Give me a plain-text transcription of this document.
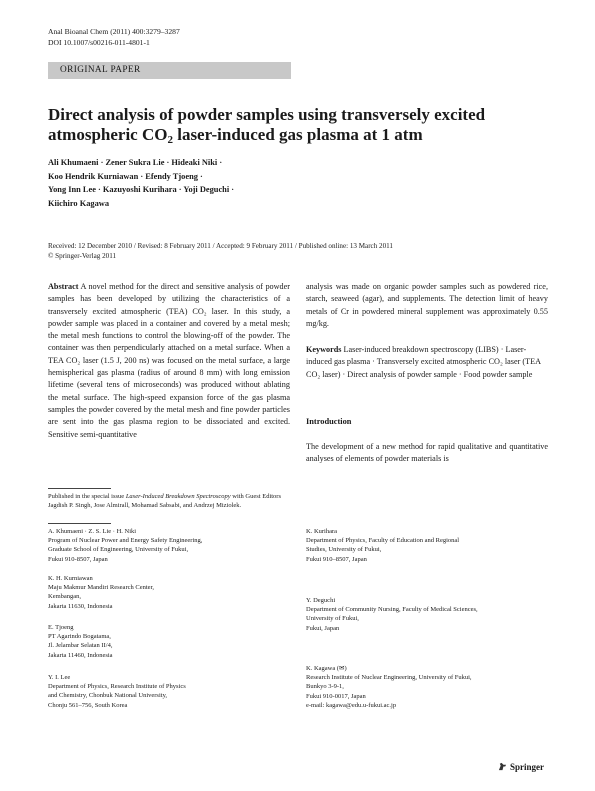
Anal Bioanal Chem (2011) 400:3279–3287
DOI 10.1007/s00216-011-4801-1
ORIGINAL PAPER
Direct analysis of powder samples using transversely excited
atmospheric $CO_2$ laser-induced gas plasma at 1 atm
Ali Khumaeni · Zener Sukra Lie · Hideaki Niki ·
Koo Hendrik Kurniawan · Efendy Tjoeng ·
Yong Inn Lee · Kazuyoshi Kurihara · Yoji Deguchi ·
Kiichiro Kagawa
Received: 12 December 2010 / Revised: 8 February 2011 / Accepted: 9 February 2011 / Published online: 13 March 2011
© Springer-Verlag 2011
Abstract A novel method for the direct and sensitive analysis of powder samples has been developed by utilizing the characteristics of a transversely excited atmospheric (TEA) CO₂ laser. In this study, a powder sample was placed in a container and covered by a metal mesh; the metal mesh functions to control the blowing-off of the powder. The container was then perpendicularly attached on a metal surface. When a TEA CO₂ laser (1.5 J, 200 ns) was focused on the metal surface, a large hemispherical gas plasma (radius of around 8 mm) with long emission lifetime (several tens of microseconds) was produced without ablating the metal surface. The high-speed expansion force of the gas plasma samples the powder covered by the metal mesh and fine powder particles are sent into the gas plasma region to be dissociated and excited. Sensitive semi-quantitative
analysis was made on organic powder samples such as powdered rice, starch, seaweed (agar), and supplements. The detection limit of heavy metals of Cr in powdered mineral supplement was approximately 0.55 mg/kg.
Keywords Laser-induced breakdown spectroscopy (LIBS) · Laser-induced gas plasma · Transversely excited atmospheric CO₂ laser (TEA CO₂ laser) · Direct analysis of powder sample · Food powder sample
Introduction
The development of a new method for rapid qualitative and quantitative analyses of elements of powder materials is
Published in the special issue Laser-Induced Breakdown Spectroscopy with Guest Editors Jagdish P. Singh, Jose Almirall, Mohamad Sabsabi, and Andrzej Miziolek.
A. Khumaeni · Z. S. Lie · H. Niki
Program of Nuclear Power and Energy Safety Engineering,
Graduate School of Engineering, University of Fukui,
Fukui 910-8507, Japan
K. H. Kurniawan
Maju Makmur Mandiri Research Center,
Kembangan,
Jakarta 11630, Indonesia
E. Tjoeng
PT Agarindo Bogatama,
Jl. Jelambar Selatan II/4,
Jakarta 11460, Indonesia
Y. I. Lee
Department of Physics, Research Institute of Physics
and Chemistry, Chonbuk National University,
Chonju 561–756, South Korea
K. Kurihara
Department of Physics, Faculty of Education and Regional
Studies, University of Fukui,
Fukui 910–8507, Japan
Y. Deguchi
Department of Community Nursing, Faculty of Medical Sciences,
University of Fukui,
Fukui, Japan
K. Kagawa (✉)
Research Institute of Nuclear Engineering, University of Fukui,
Bunkyo 3-9-1,
Fukui 910-0017, Japan
e-mail: kagawa@edu.u-fukui.ac.jp
Springer
